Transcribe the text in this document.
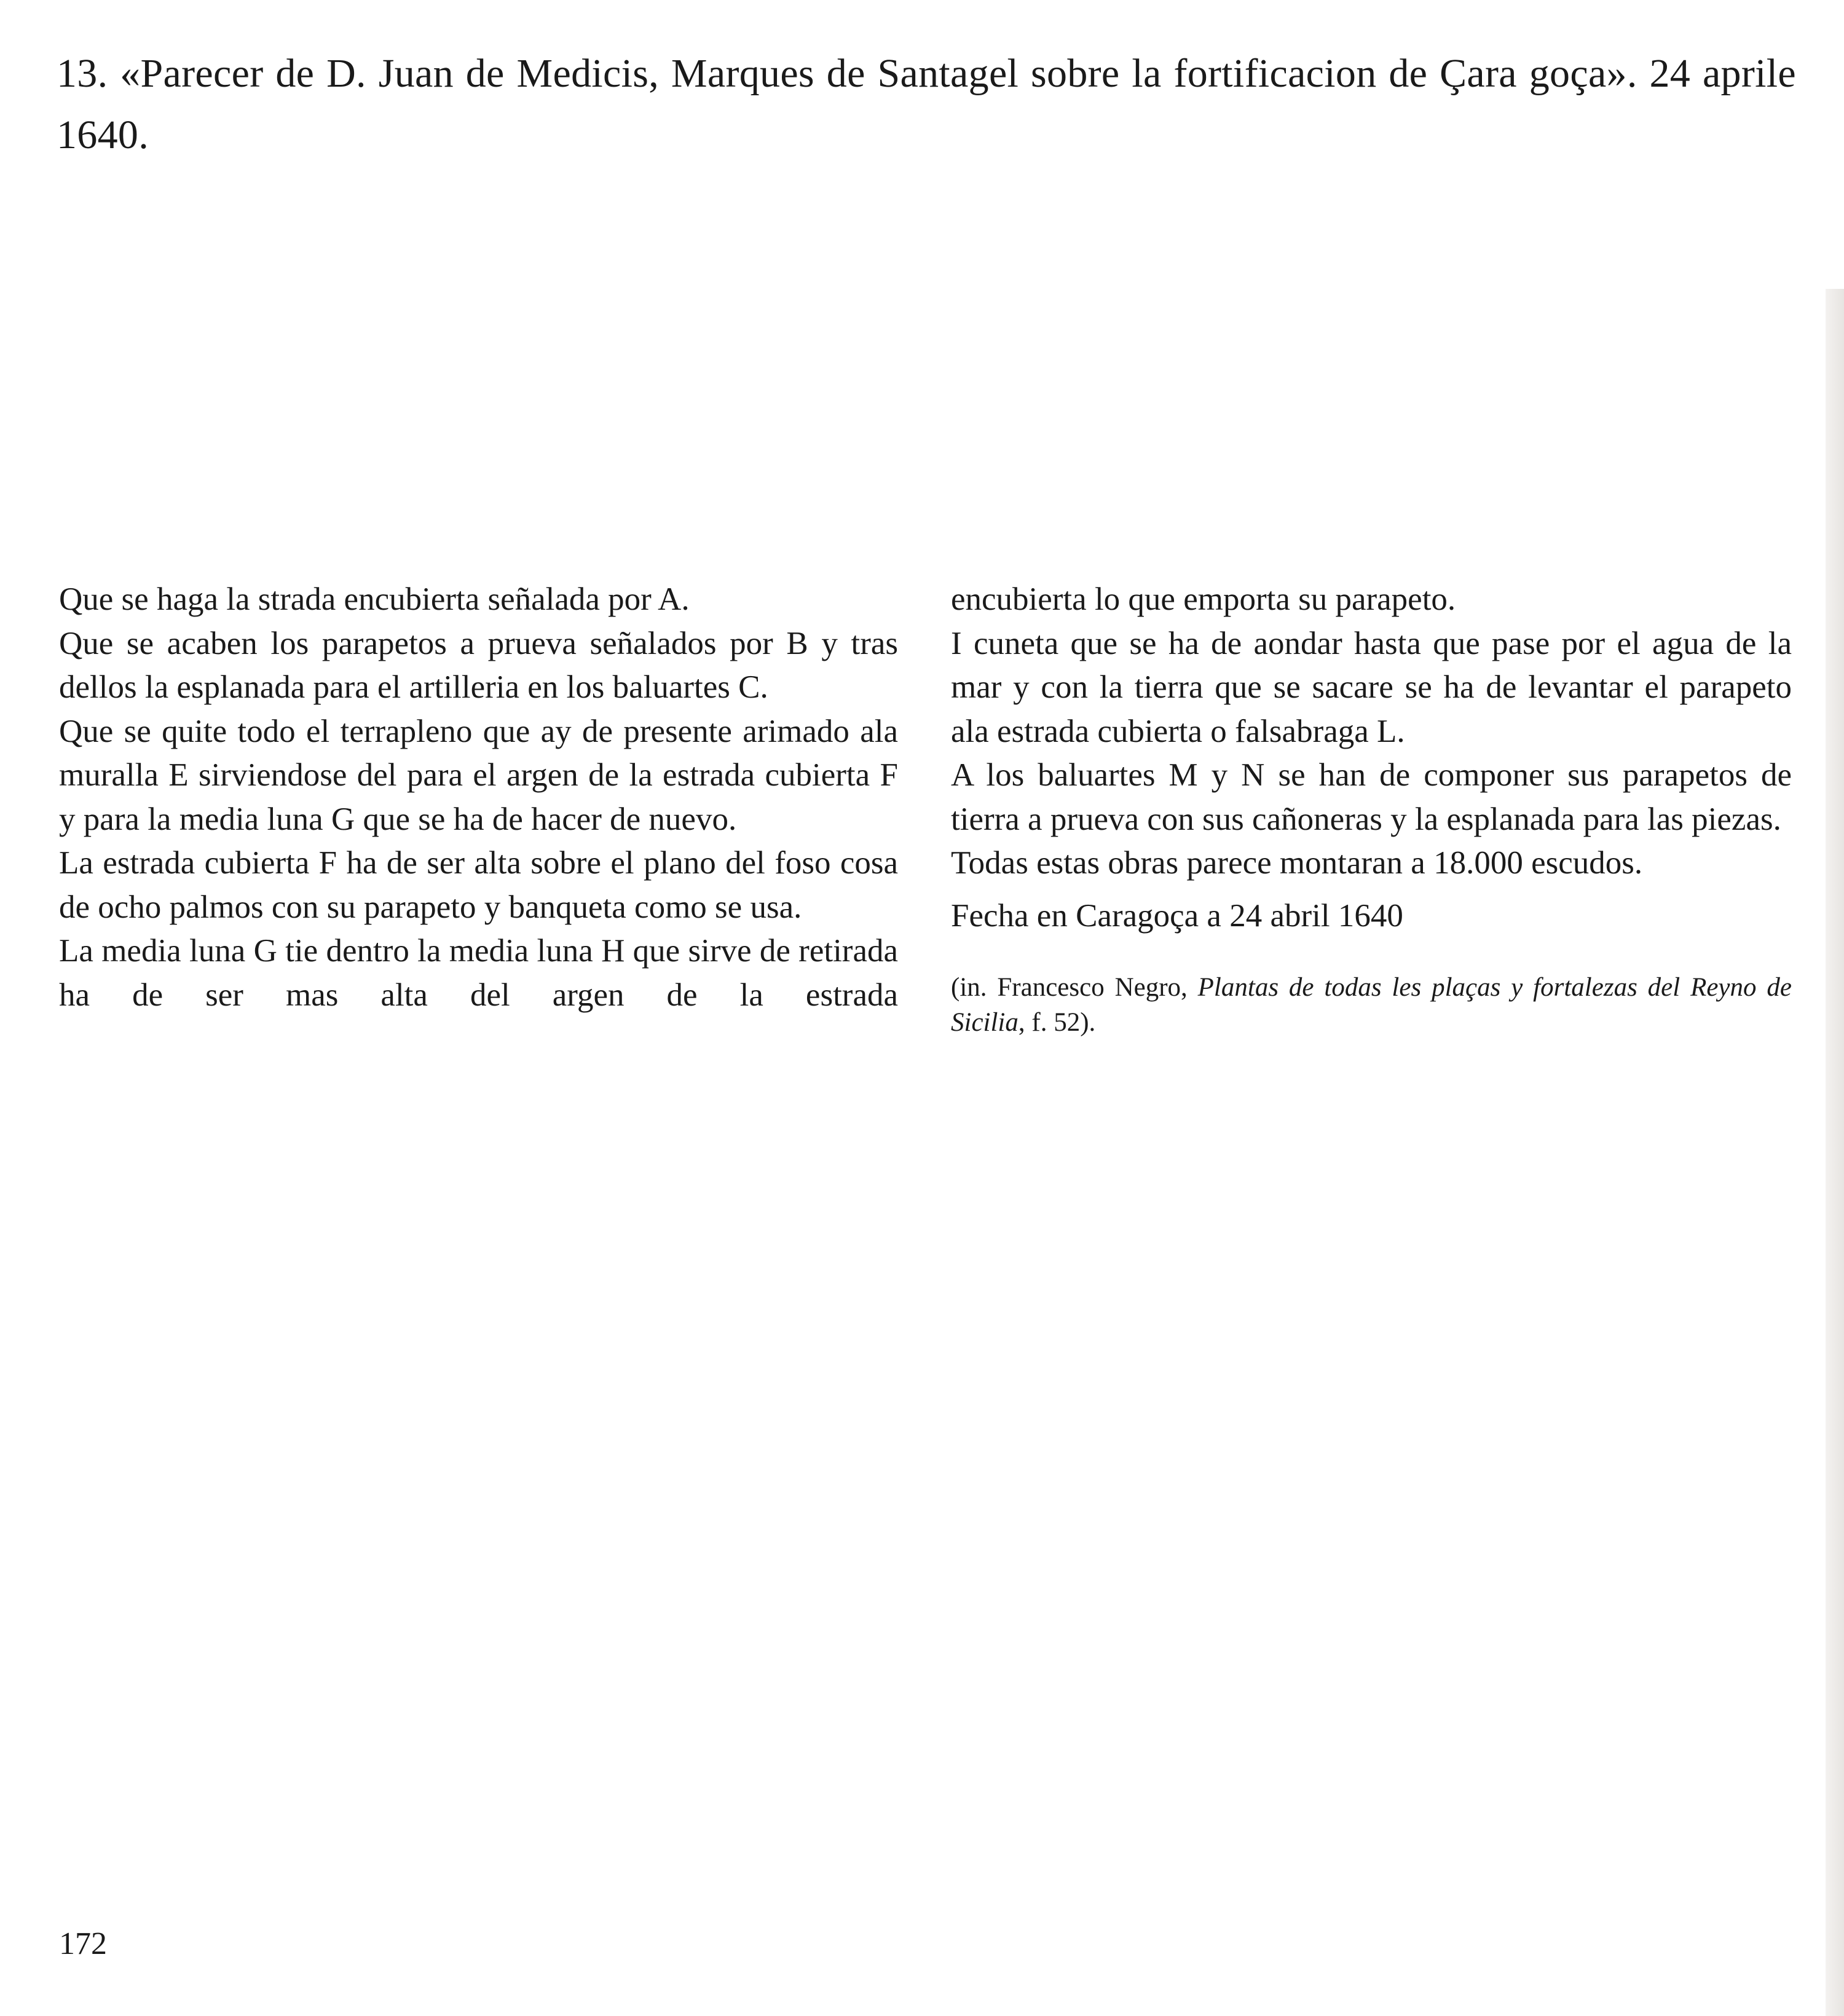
13. «Parecer de D. Juan de Medicis, Marques de Santagel sobre la fortificacion de Çara goça». 24 aprile 1640.

Que se haga la strada encubierta señalada por A.

Que se acaben los parapetos a prueva señalados por B y tras dellos la esplanada para el artilleria en los baluartes C.

Que se quite todo el terrapleno que ay de presente arimado ala muralla E sirviendose del para el argen de la estrada cubierta F y para la media luna G que se ha de hacer de nuevo.

La estrada cubierta F ha de ser alta sobre el plano del foso cosa de ocho palmos con su parapeto y banqueta como se usa.

La media luna G tie dentro la media luna H que sirve de retirada ha de ser mas alta del argen de la estrada

encubierta lo que emporta su parapeto.

I cuneta que se ha de aondar hasta que pase por el agua de la mar y con la tierra que se sacare se ha de levantar el parapeto ala estrada cubierta o falsabraga L.

A los baluartes M y N se han de componer sus parapetos de tierra a prueva con sus cañoneras y la esplanada para las piezas.

Todas estas obras parece montaran a 18.000 escudos.

Fecha en Caragoça a 24 abril 1640

(in. Francesco Negro, Plantas de todas les plaças y fortalezas del Reyno de Sicilia, f. 52).

172
